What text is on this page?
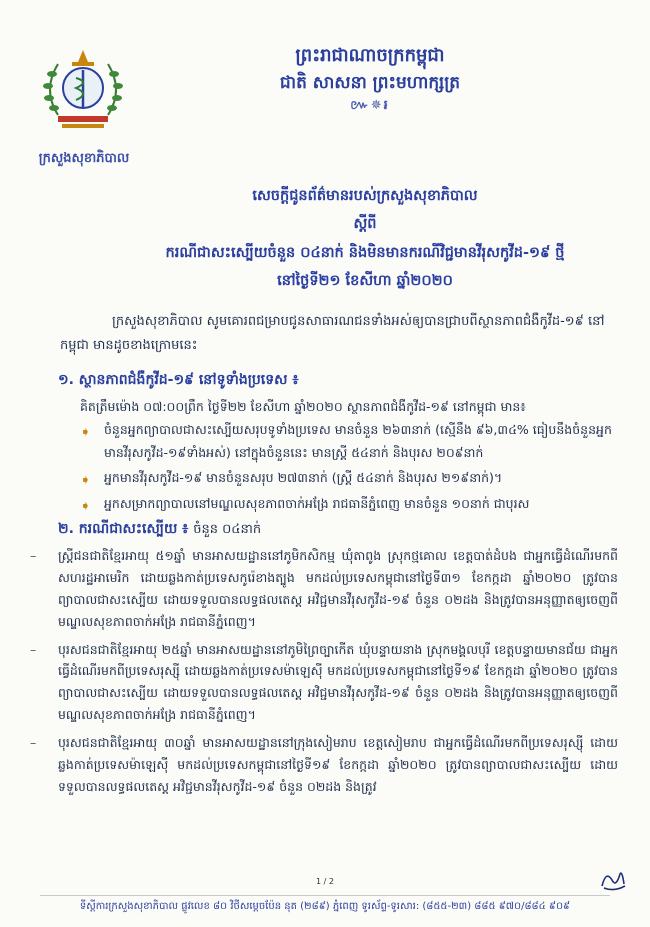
ក្រសួងសុខាភិបាល
ព្រះរាជាណាចក្រកម្ពុជា
ជាតិ សាសនា ព្រះមហាក្សត្រ
៚✵៛
សេចក្តីជូនព័ត៌មានរបស់ក្រសួងសុខាភិបាល
ស្តីពី
ករណីជាសះស្បើយចំនួន ០៤នាក់ និងមិនមានករណីវិជ្ជមានវីរុសកូវីដ-១៩ ថ្មី
នៅថ្ងៃទី២១ ខែសីហា ឆ្នាំ២០២០
ក្រសួងសុខាភិបាល សូមគោរពជម្រាបជូនសាធារណជនទាំងអស់ឲ្យបានជ្រាបពីស្ថានភាពជំងឺកូវីដ-១៩ នៅកម្ពុជា មានដូចខាងក្រោមនេះ
១. ស្ថានភាពជំងឺកូវីដ-១៩ នៅទូទាំងប្រទេស ៖
គិតត្រឹមម៉ោង ០៧:០០ព្រឹក ថ្ងៃទី២២ ខែសីហា ឆ្នាំ២០២០ ស្ថានភាពជំងឺកូវីដ-១៩ នៅកម្ពុជា មាន៖
➧ ចំនួនអ្នកព្យាបាលជាសះស្បើយសរុបទូទាំងប្រទេស មានចំនួន ២៦៣នាក់ (ស្មើនឹង ៩៦,៣៤% ធៀបនឹងចំនួនអ្នកមានវីរុសកូវីដ-១៩ទាំងអស់) នៅក្នុងចំនួននេះ មានស្ត្រី ៥៤នាក់ និងបុរស ២០៩នាក់
➧ អ្នកមានវីរុសកូវីដ-១៩ មានចំនួនសរុប ២៧៣នាក់ (ស្ត្រី ៥៤នាក់ និងបុរស ២១៩នាក់)។
➧ អ្នកសម្រាកព្យាបាលនៅមណ្ឌលសុខភាពចាក់អង្រែ រាជធានីភ្នំពេញ មានចំនួន ១០នាក់ ជាបុរស
២. ករណីជាសះស្បើយ ៖ ចំនួន ០៤នាក់
– ស្ត្រីជនជាតិខ្មែរអាយុ ៥១ឆ្នាំ មានអាសយដ្ឋាននៅភូមិកសិកម្ម ឃុំតាពូង ស្រុកថ្មគោល ខេត្តបាត់ដំបង ជាអ្នកធ្វើដំណើរមកពីសហរដ្ឋអាមេរិក ដោយឆ្លងកាត់ប្រទេសកូរ៉េខាងត្បូង មកដល់ប្រទេសកម្ពុជានៅថ្ងៃទី៣១ ខែកក្កដា ឆ្នាំ២០២០ ត្រូវបានព្យាបាលជាសះស្បើយ ដោយទទួលបានលទ្ធផលតេស្ត អវិជ្ជមានវីរុសកូវីដ-១៩ ចំនួន ០២ដង និងត្រូវបានអនុញ្ញាតឲ្យចេញពីមណ្ឌលសុខភាពចាក់អង្រែ រាជធានីភ្នំពេញ។
– បុរសជនជាតិខ្មែរអាយុ ២៥ឆ្នាំ មានអាសយដ្ឋាននៅភូមិព្រៃច្បាកើត ឃុំបន្ទាយនាង ស្រុកមង្គលបុរី ខេត្តបន្ទាយមានជ័យ ជាអ្នកធ្វើដំណើរមកពីប្រទេសរុស្ស៊ី ដោយឆ្លងកាត់ប្រទេសម៉ាឡេស៊ី មកដល់ប្រទេសកម្ពុជានៅថ្ងៃទី១៩ ខែកក្កដា ឆ្នាំ២០២០ ត្រូវបានព្យាបាលជាសះស្បើយ ដោយទទួលបានលទ្ធផលតេស្ត អវិជ្ជមានវីរុសកូវីដ-១៩ ចំនួន ០២ដង និងត្រូវបានអនុញ្ញាតឲ្យចេញពីមណ្ឌលសុខភាពចាក់អង្រែ រាជធានីភ្នំពេញ។
– បុរសជនជាតិខ្មែរអាយុ ៣០ឆ្នាំ មានអាសយដ្ឋាននៅក្រុងសៀមរាប ខេត្តសៀមរាប ជាអ្នកធ្វើដំណើរមកពីប្រទេសរុស្ស៊ី ដោយឆ្លងកាត់ប្រទេសម៉ាឡេស៊ី មកដល់ប្រទេសកម្ពុជានៅថ្ងៃទី១៩ ខែកក្កដា ឆ្នាំ២០២០ ត្រូវបានព្យាបាលជាសះស្បើយ ដោយទទួលបានលទ្ធផលតេស្ត អវិជ្ជមានវីរុសកូវីដ-១៩ ចំនួន ០២ដង និងត្រូវ
1 / 2
ទីស្តីការក្រសួងសុខាភិបាល ផ្លូវលេខ ៨០ វិថីសម្តេចប៉ែន នុត (២៨៩) ភ្នំពេញ ទូរស័ព្ទ-ទូរសារ: (៨៥៥-២៣) ៨៨៥ ៩៧០/៨៨៤ ៩០៩
